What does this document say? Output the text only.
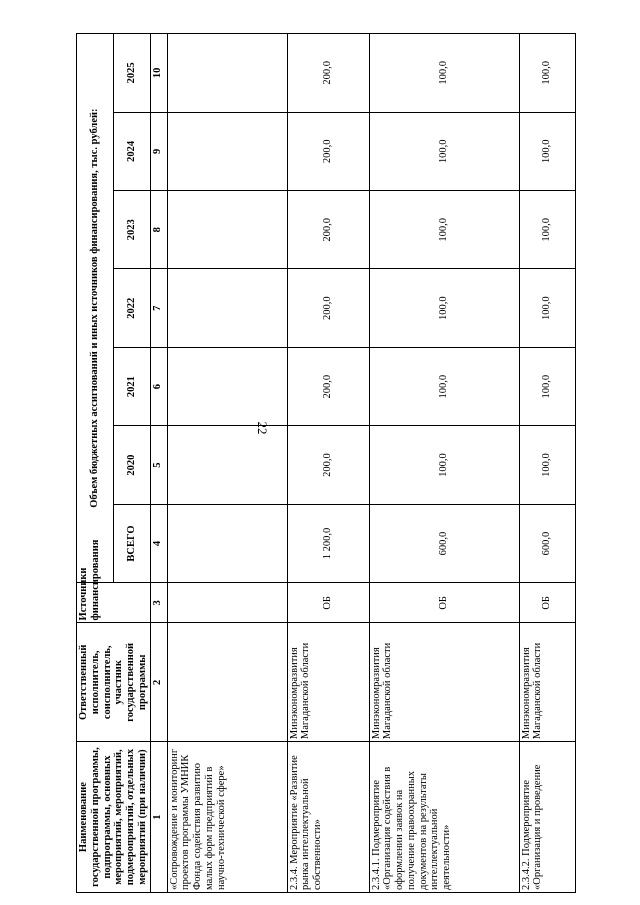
22
Наименование государственной программы, подпрограммы, основных мероприятий, мероприятий, подмероприятий, отдельных мероприятий (при наличии)	Ответственный исполнитель, соисполнитель, участник государственной программы	Источники финансирования	Объем бюджетных ассигнований и иных источников финансирования, тыс. рублей:						
			ВСЕГО	2020	2021	2022	2023	2024	2025
1	2	3	4	5	6	7	8	9	10
«Сопровождение и мониторинг проектов программы УМНИК Фонда содействия развитию малых форм предприятий в научно-технической сфере»									
2.3.4. Мероприятие «Развитие рынка интеллектуальной собственности»	Минэкономразвития Магаданской области	ОБ	1 200,0	200,0	200,0	200,0	200,0	200,0	200,0
2.3.4.1. Подмероприятие «Организация содействия в оформлении заявок на получение правоохранных документов на результаты интеллектуальной деятельности»	Минэкономразвития Магаданской области	ОБ	600,0	100,0	100,0	100,0	100,0	100,0	100,0
2.3.4.2. Подмероприятие «Организация и проведение	Минэкономразвития Магаданской области	ОБ	600,0	100,0	100,0	100,0	100,0	100,0	100,0
